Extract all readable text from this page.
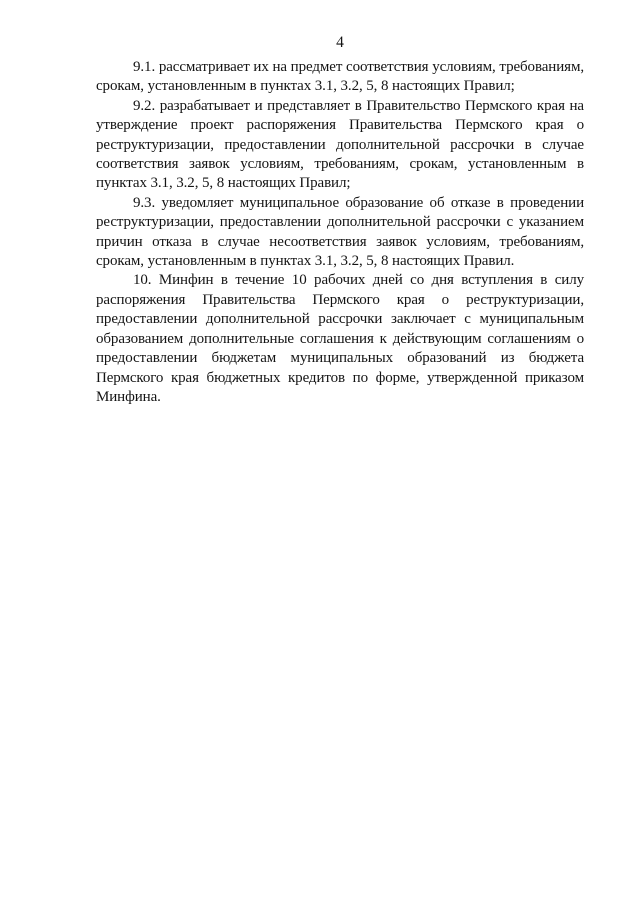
4

9.1. рассматривает их на предмет соответствия условиям, требованиям, срокам, установленным в пунктах 3.1, 3.2, 5, 8 настоящих Правил;

9.2. разрабатывает и представляет в Правительство Пермского края на утверждение проект распоряжения Правительства Пермского края о реструктуризации, предоставлении дополнительной рассрочки в случае соответствия заявок условиям, требованиям, срокам, установленным в пунктах 3.1, 3.2, 5, 8 настоящих Правил;

9.3. уведомляет муниципальное образование об отказе в проведении реструктуризации, предоставлении дополнительной рассрочки с указанием причин отказа в случае несоответствия заявок условиям, требованиям, срокам, установленным в пунктах 3.1, 3.2, 5, 8 настоящих Правил.

10. Минфин в течение 10 рабочих дней со дня вступления в силу распоряжения Правительства Пермского края о реструктуризации, предоставлении дополнительной рассрочки заключает с муниципальным образованием дополнительные соглашения к действующим соглашениям о предоставлении бюджетам муниципальных образований из бюджета Пермского края бюджетных кредитов по форме, утвержденной приказом Минфина.
